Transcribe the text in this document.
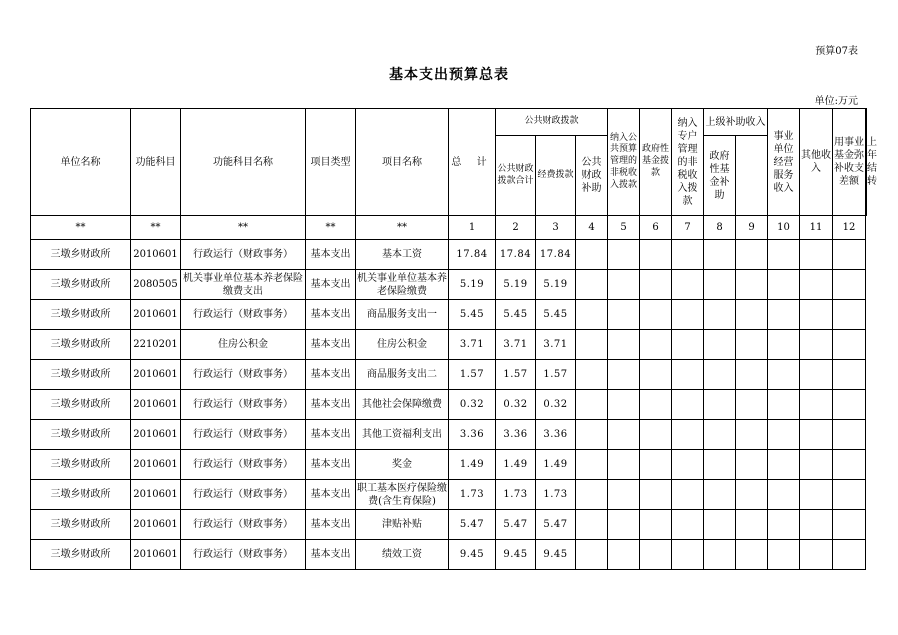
预算07表
基本支出预算总表
单位:万元
单位名称	功能科目	功能科目名称	项目类型	项目名称	总 计	公共财政拨款			纳入公共预算管理的非税收入拨款	政府性基金拨款	纳入专户管理的非税收入拨款	上级补助收入		事业单位经营服务收入	其他收入	用事业基金弥补收支差额	上年结转
						公共财政拨款合计	经费拨款	公共财政补助				政府性基金补助					
**	**	**	**	**	1	2	3	4	5	6	7	8	9	10	11	12	
三墩乡财政所	2010601	行政运行（财政事务）	基本支出	基本工资	17.84	17.84	17.84										
三墩乡财政所	2080505	机关事业单位基本养老保险缴费支出	基本支出	机关事业单位基本养老保险缴费	5.19	5.19	5.19										
三墩乡财政所	2010601	行政运行（财政事务）	基本支出	商品服务支出一	5.45	5.45	5.45										
三墩乡财政所	2210201	住房公积金	基本支出	住房公积金	3.71	3.71	3.71										
三墩乡财政所	2010601	行政运行（财政事务）	基本支出	商品服务支出二	1.57	1.57	1.57										
三墩乡财政所	2010601	行政运行（财政事务）	基本支出	其他社会保障缴费	0.32	0.32	0.32										
三墩乡财政所	2010601	行政运行（财政事务）	基本支出	其他工资福利支出	3.36	3.36	3.36										
三墩乡财政所	2010601	行政运行（财政事务）	基本支出	奖金	1.49	1.49	1.49										
三墩乡财政所	2010601	行政运行（财政事务）	基本支出	职工基本医疗保险缴费(含生育保险)	1.73	1.73	1.73										
三墩乡财政所	2010601	行政运行（财政事务）	基本支出	津贴补贴	5.47	5.47	5.47										
三墩乡财政所	2010601	行政运行（财政事务）	基本支出	绩效工资	9.45	9.45	9.45										
